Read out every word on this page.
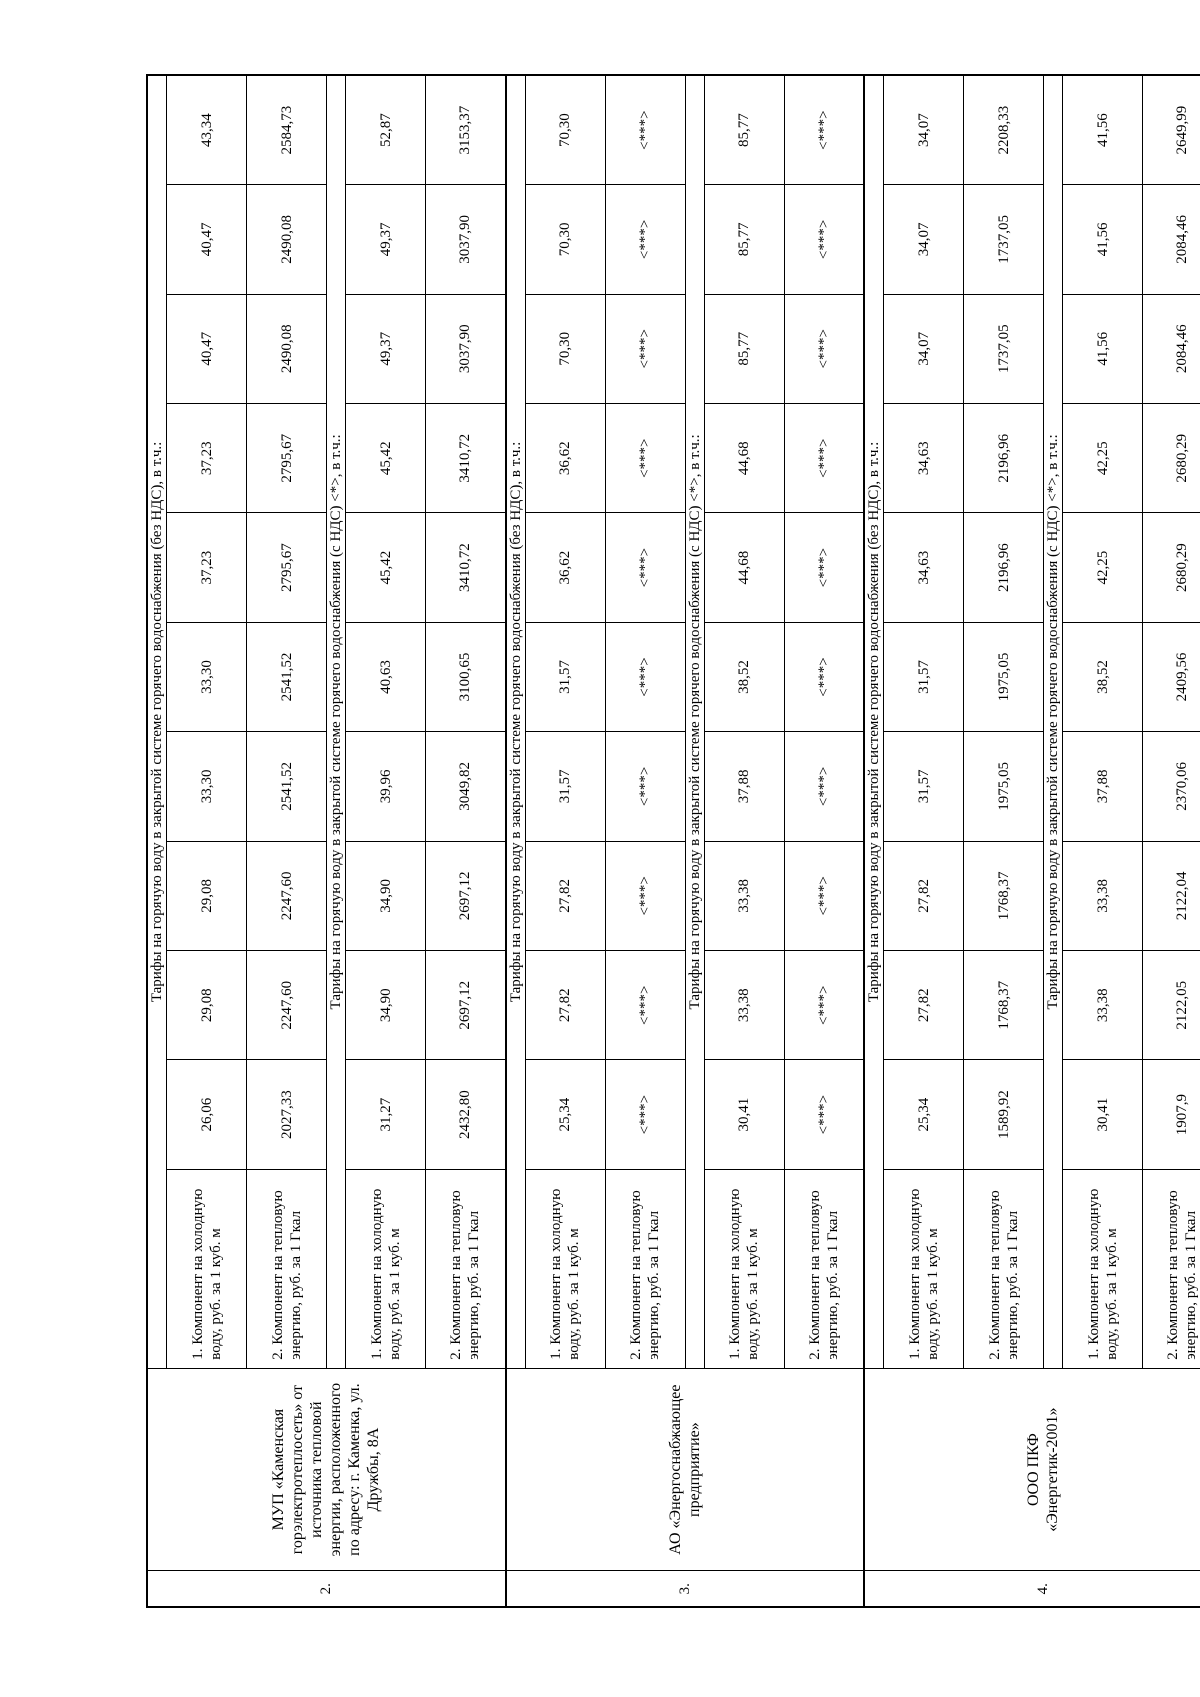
2.	МУП «Каменская горэлектротеплосеть» от источника тепловой энергии, расположенного по адресу: г. Каменка, ул. Дружбы, 8А	Тарифы на горячую воду в закрытой системе горячего водоснабжения (без НДС), в т.ч.:										
		1. Компонент на холодную воду, руб. за 1 куб. м	26,06	29,08	29,08	33,30	33,30	37,23	37,23	40,47	40,47	43,34
		2. Компонент на тепловую энергию, руб. за 1 Гкал	2027,33	2247,60	2247,60	2541,52	2541,52	2795,67	2795,67	2490,08	2490,08	2584,73
		Тарифы на горячую воду в закрытой системе горячего водоснабжения (с НДС) <*>, в т.ч.:										
		1. Компонент на холодную воду, руб. за 1 куб. м	31,27	34,90	34,90	39,96	40,63	45,42	45,42	49,37	49,37	52,87
		2. Компонент на тепловую энергию, руб. за 1 Гкал	2432,80	2697,12	2697,12	3049,82	3100,65	3410,72	3410,72	3037,90	3037,90	3153,37
3.	АО «Энергоснабжающее предприятие»	Тарифы на горячую воду в закрытой системе горячего водоснабжения (без НДС), в т.ч.:										
		1. Компонент на холодную воду, руб. за 1 куб. м	25,34	27,82	27,82	31,57	31,57	36,62	36,62	70,30	70,30	70,30
		2. Компонент на тепловую энергию, руб. за 1 Гкал	<***>	<***>	<***>	<***>	<***>	<***>	<***>	<***>	<***>	<***>
		Тарифы на горячую воду в закрытой системе горячего водоснабжения (с НДС) <*>, в т.ч.:										
		1. Компонент на холодную воду, руб. за 1 куб. м	30,41	33,38	33,38	37,88	38,52	44,68	44,68	85,77	85,77	85,77
		2. Компонент на тепловую энергию, руб. за 1 Гкал	<***>	<***>	<***>	<***>	<***>	<***>	<***>	<***>	<***>	<***>
4.	ООО ПКФ «Энергетик-2001»	Тарифы на горячую воду в закрытой системе горячего водоснабжения (без НДС), в т.ч.:										
		1. Компонент на холодную воду, руб. за 1 куб. м	25,34	27,82	27,82	31,57	31,57	34,63	34,63	34,07	34,07	34,07
		2. Компонент на тепловую энергию, руб. за 1 Гкал	1589,92	1768,37	1768,37	1975,05	1975,05	2196,96	2196,96	1737,05	1737,05	2208,33
		Тарифы на горячую воду в закрытой системе горячего водоснабжения (с НДС) <*>, в т.ч.:										
		1. Компонент на холодную воду, руб. за 1 куб. м	30,41	33,38	33,38	37,88	38,52	42,25	42,25	41,56	41,56	41,56
		2. Компонент на тепловую энергию, руб. за 1 Гкал	1907,9	2122,05	2122,04	2370,06	2409,56	2680,29	2680,29	2084,46	2084,46	2649,99
